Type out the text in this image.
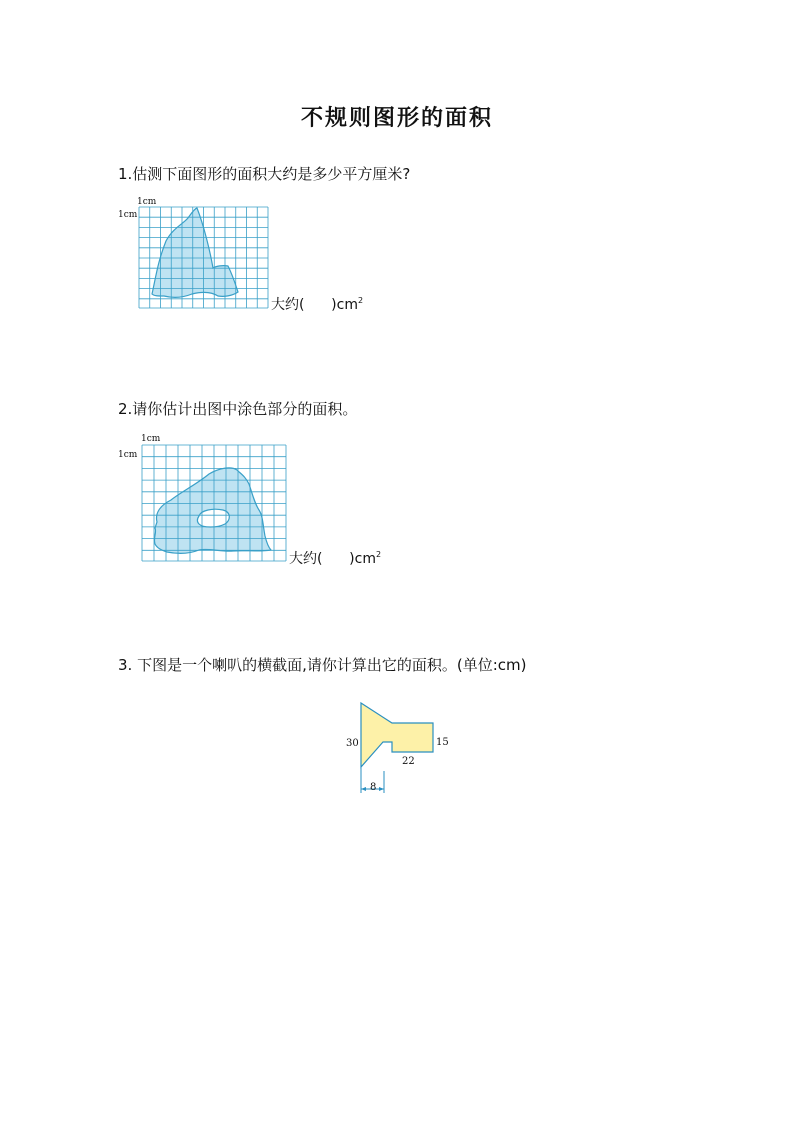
不规则图形的面积
1.估测下面图形的面积大约是多少平方厘米?
1cm
1cm
大约( )$cm^2$
2.请你估计出图中涂色部分的面积。
1cm
1cm
大约( )$cm^2$
3. 下图是一个喇叭的横截面,请你计算出它的面积。(单位:cm)
30	15
22
8
